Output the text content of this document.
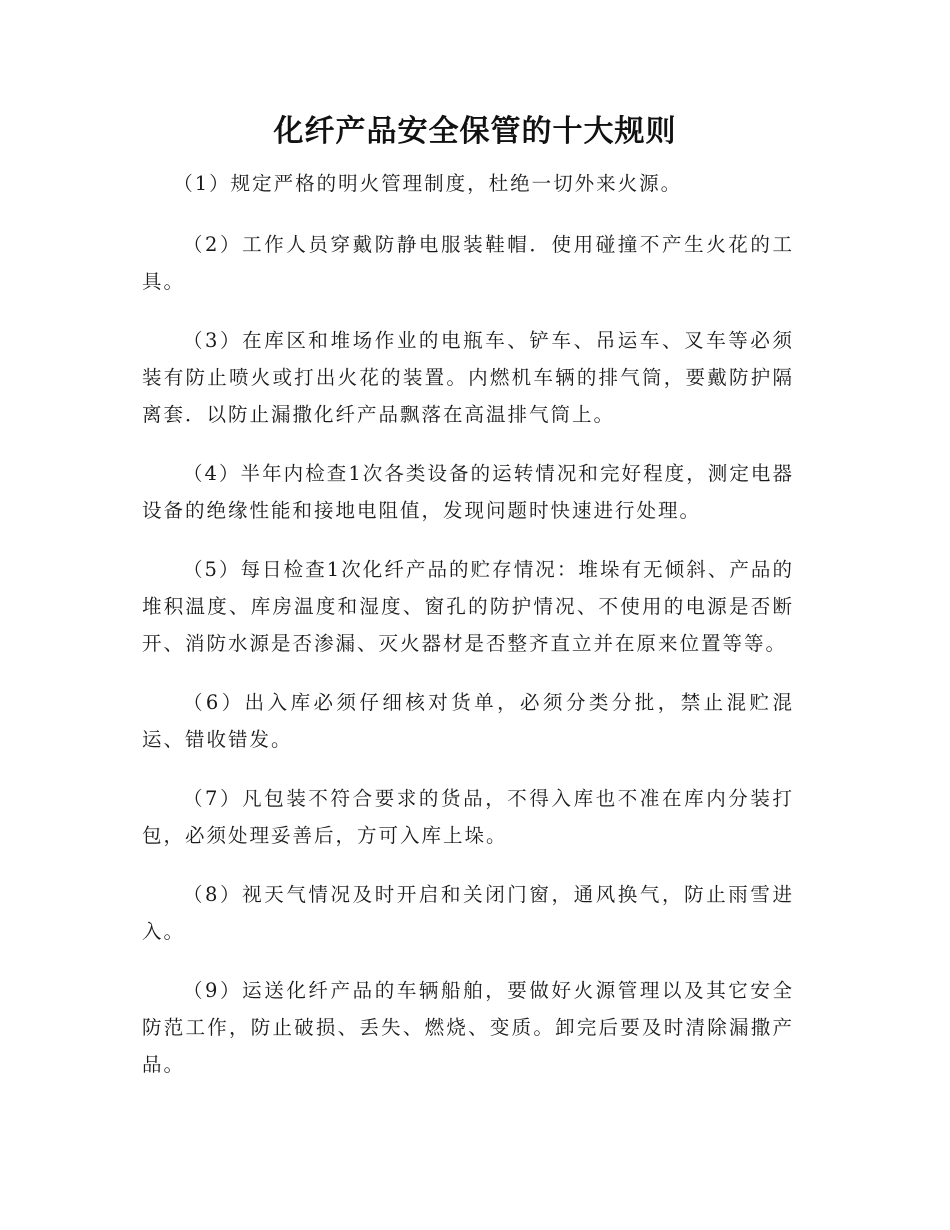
化纤产品安全保管的十大规则

（1）规定严格的明火管理制度，杜绝一切外来火源。

（2）工作人员穿戴防静电服装鞋帽．使用碰撞不产生火花的工具。

（3）在库区和堆场作业的电瓶车、铲车、吊运车、叉车等必须装有防止喷火或打出火花的装置。内燃机车辆的排气筒，要戴防护隔离套．以防止漏撒化纤产品飘落在高温排气筒上。

（4）半年内检查1次各类设备的运转情况和完好程度，测定电器设备的绝缘性能和接地电阻值，发现问题时快速进行处理。

（5）每日检查1次化纤产品的贮存情况：堆垛有无倾斜、产品的堆积温度、库房温度和湿度、窗孔的防护情况、不使用的电源是否断开、消防水源是否渗漏、灭火器材是否整齐直立并在原来位置等等。

（6）出入库必须仔细核对货单，必须分类分批，禁止混贮混运、错收错发。

（7）凡包装不符合要求的货品，不得入库也不准在库内分装打包，必须处理妥善后，方可入库上垛。

（8）视天气情况及时开启和关闭门窗，通风换气，防止雨雪进入。

（9）运送化纤产品的车辆船舶，要做好火源管理以及其它安全防范工作，防止破损、丢失、燃烧、变质。卸完后要及时清除漏撒产品。
